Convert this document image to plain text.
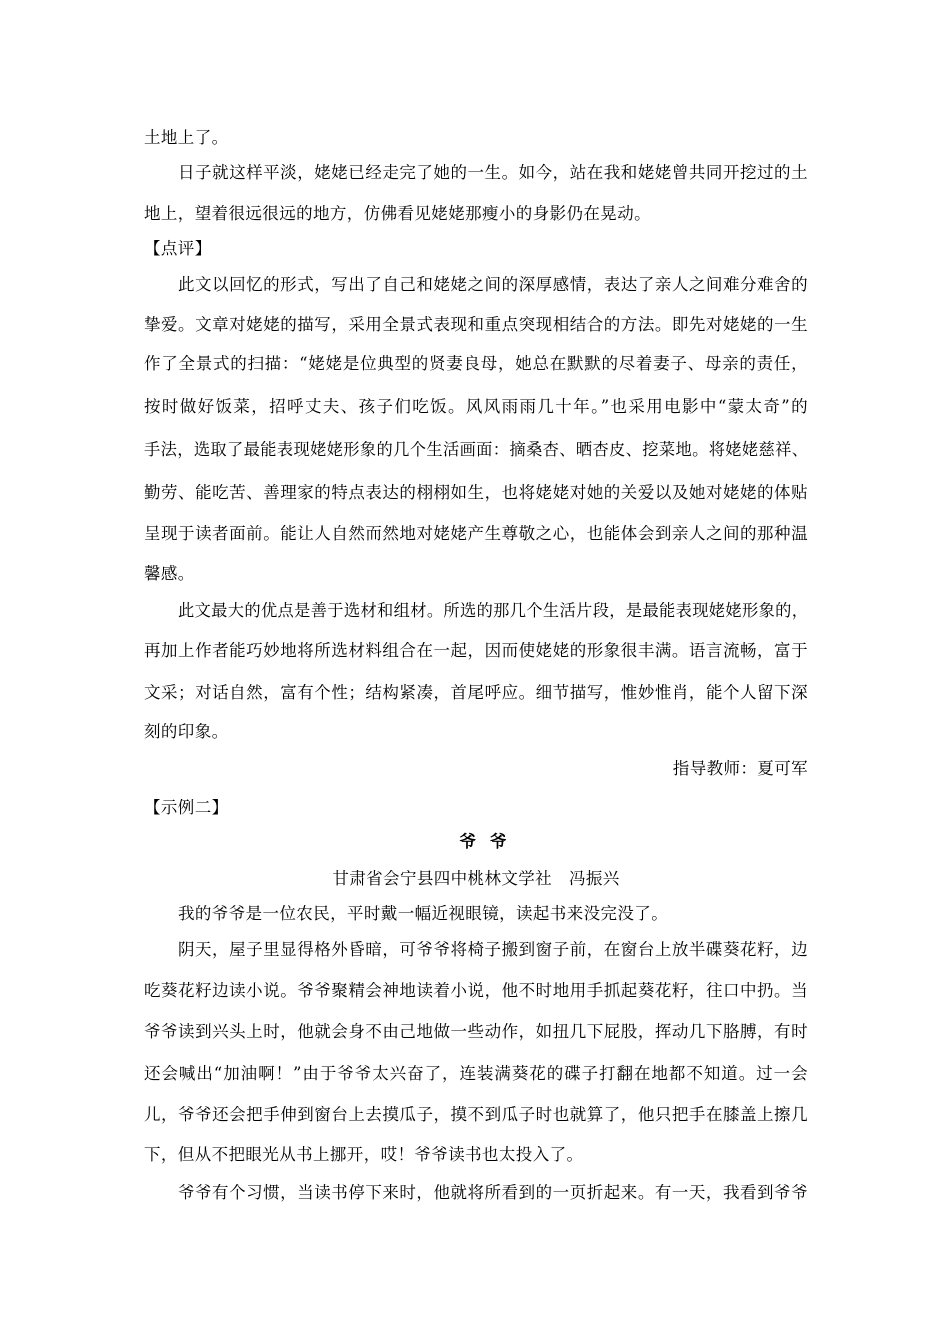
土地上了。

日子就这样平淡，姥姥已经走完了她的一生。如今，站在我和姥姥曾共同开挖过的土

地上，望着很远很远的地方，仿佛看见姥姥那瘦小的身影仍在晃动。

【点评】

此文以回忆的形式，写出了自己和姥姥之间的深厚感情，表达了亲人之间难分难舍的

挚爱。文章对姥姥的描写，采用全景式表现和重点突现相结合的方法。即先对姥姥的一生

作了全景式的扫描：“姥姥是位典型的贤妻良母，她总在默默的尽着妻子、母亲的责任，

按时做好饭菜，招呼丈夫、孩子们吃饭。风风雨雨几十年。”也采用电影中“蒙太奇”的

手法，选取了最能表现姥姥形象的几个生活画面：摘桑杏、晒杏皮、挖菜地。将姥姥慈祥、

勤劳、能吃苦、善理家的特点表达的栩栩如生，也将姥姥对她的关爱以及她对姥姥的体贴

呈现于读者面前。能让人自然而然地对姥姥产生尊敬之心，也能体会到亲人之间的那种温

馨感。

此文最大的优点是善于选材和组材。所选的那几个生活片段，是最能表现姥姥形象的，

再加上作者能巧妙地将所选材料组合在一起，因而使姥姥的形象很丰满。语言流畅，富于

文采；对话自然，富有个性；结构紧凑，首尾呼应。细节描写，惟妙惟肖，能个人留下深

刻的印象。

指导教师：夏可军

【示例二】

爷爷

甘肃省会宁县四中桃林文学社　冯振兴

我的爷爷是一位农民，平时戴一幅近视眼镜，读起书来没完没了。

阴天，屋子里显得格外昏暗，可爷爷将椅子搬到窗子前，在窗台上放半碟葵花籽，边

吃葵花籽边读小说。爷爷聚精会神地读着小说，他不时地用手抓起葵花籽，往口中扔。当

爷爷读到兴头上时，他就会身不由己地做一些动作，如扭几下屁股，挥动几下胳膊，有时

还会喊出“加油啊！”由于爷爷太兴奋了，连装满葵花的碟子打翻在地都不知道。过一会

儿，爷爷还会把手伸到窗台上去摸瓜子，摸不到瓜子时也就算了，他只把手在膝盖上擦几

下，但从不把眼光从书上挪开，哎！爷爷读书也太投入了。

爷爷有个习惯，当读书停下来时，他就将所看到的一页折起来。有一天，我看到爷爷
